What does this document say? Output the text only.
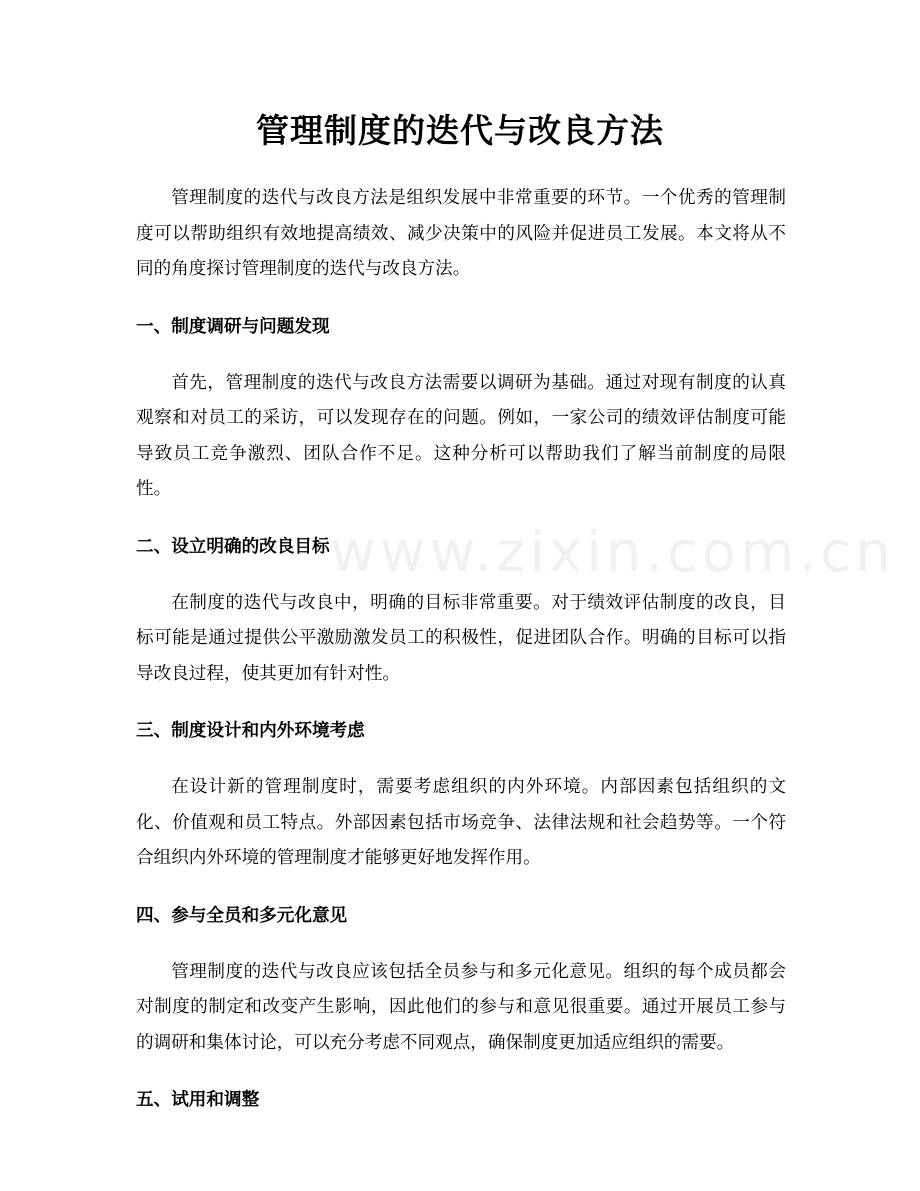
管理制度的迭代与改良方法
www.zixin.com.cn

管理制度的迭代与改良方法是组织发展中非常重要的环节。一个优秀的管理制度可以帮助组织有效地提高绩效、减少决策中的风险并促进员工发展。本文将从不同的角度探讨管理制度的迭代与改良方法。

一、制度调研与问题发现

首先，管理制度的迭代与改良方法需要以调研为基础。通过对现有制度的认真观察和对员工的采访，可以发现存在的问题。例如，一家公司的绩效评估制度可能导致员工竞争激烈、团队合作不足。这种分析可以帮助我们了解当前制度的局限性。

二、设立明确的改良目标

在制度的迭代与改良中，明确的目标非常重要。对于绩效评估制度的改良，目标可能是通过提供公平激励激发员工的积极性，促进团队合作。明确的目标可以指导改良过程，使其更加有针对性。

三、制度设计和内外环境考虑

在设计新的管理制度时，需要考虑组织的内外环境。内部因素包括组织的文化、价值观和员工特点。外部因素包括市场竞争、法律法规和社会趋势等。一个符合组织内外环境的管理制度才能够更好地发挥作用。

四、参与全员和多元化意见

管理制度的迭代与改良应该包括全员参与和多元化意见。组织的每个成员都会对制度的制定和改变产生影响，因此他们的参与和意见很重要。通过开展员工参与的调研和集体讨论，可以充分考虑不同观点，确保制度更加适应组织的需要。

五、试用和调整
